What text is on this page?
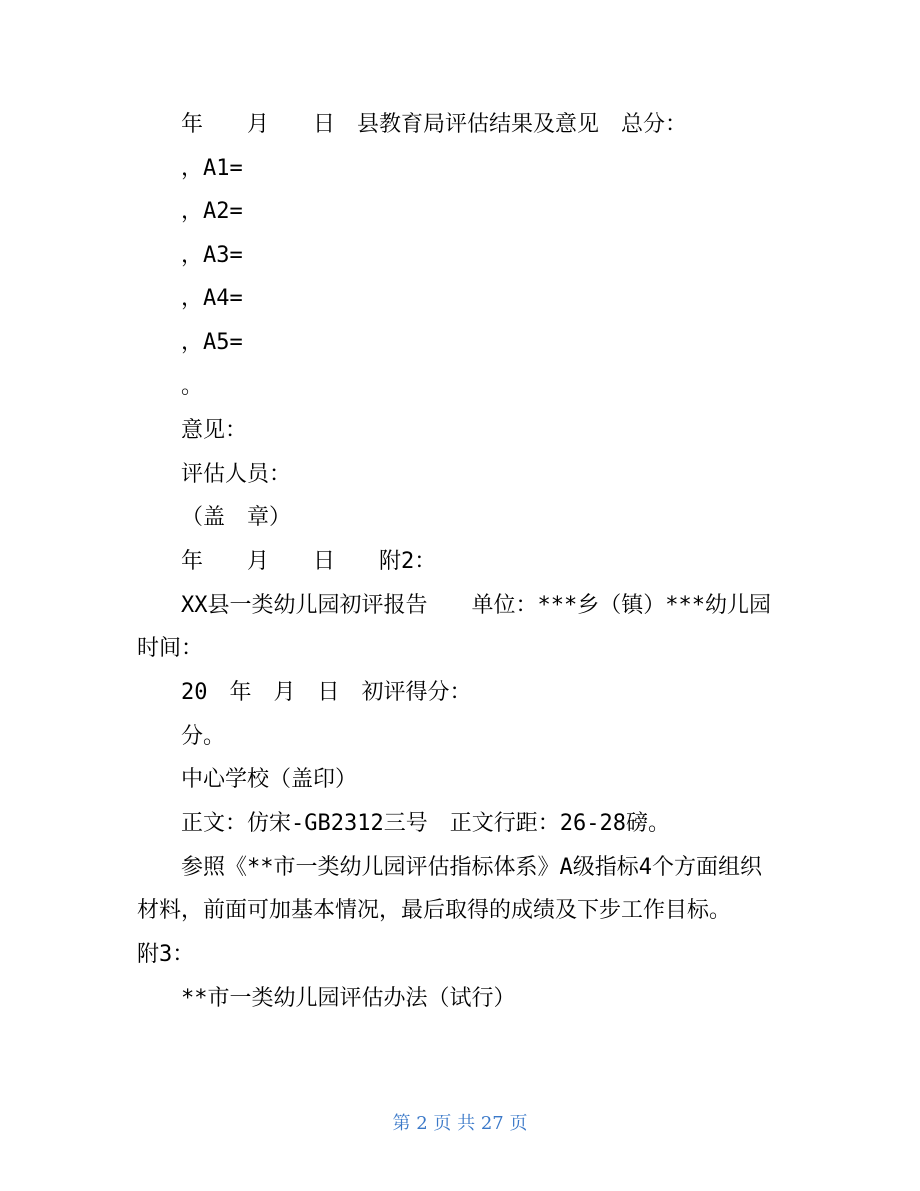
年　　月　　日　县教育局评估结果及意见　总分：

，A1=

，A2=

，A3=

，A4=

，A5=

。

意见：

评估人员：

（盖　章）

年　　月　　日　　附2：

XX县一类幼儿园初评报告　　单位：***乡（镇）***幼儿园

时间：

20　年　月　日　初评得分：

分。

中心学校（盖印）

正文：仿宋-GB2312三号　正文行距：26-28磅。

参照《**市一类幼儿园评估指标体系》A级指标4个方面组织

材料，前面可加基本情况，最后取得的成绩及下步工作目标。

附3：

**市一类幼儿园评估办法（试行）

第 2 页 共 27 页
